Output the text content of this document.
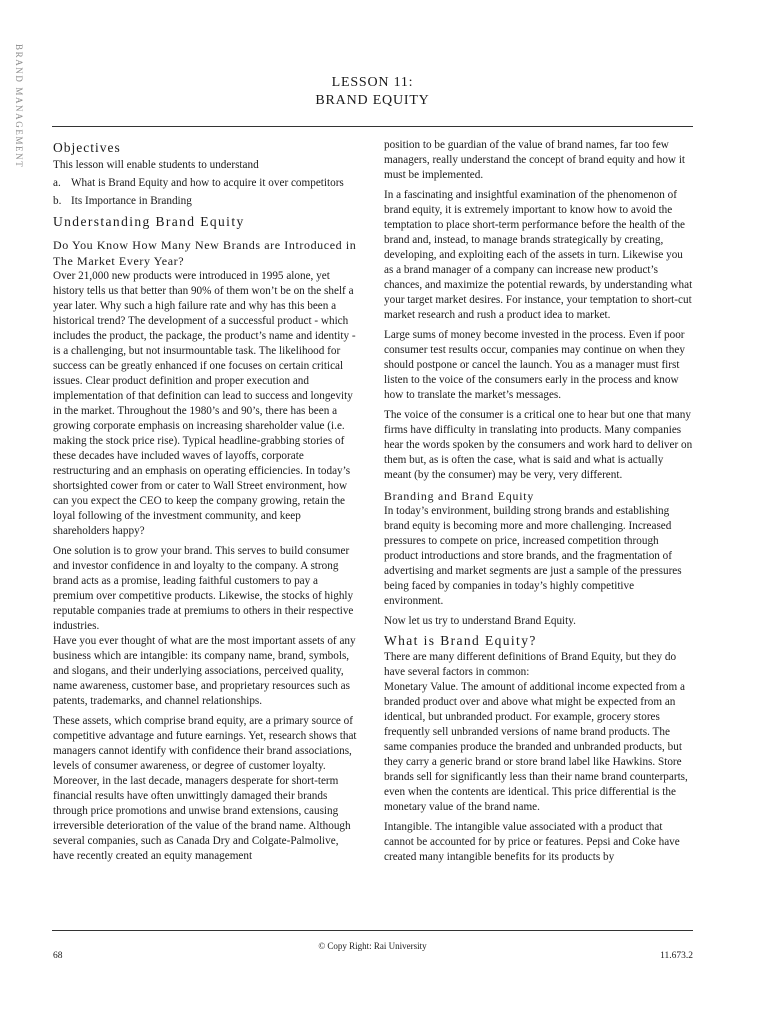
BRAND MANAGEMENT	LESSON 11:
BRAND EQUITY
Objectives

This lesson will enable students to understand

a. What is Brand Equity and how to acquire it over competitors
b. Its Importance in Branding
Understanding Brand Equity
Do You Know How Many New Brands are Introduced in The Market Every Year?

Over 21,000 new products were introduced in 1995 alone, yet history tells us that better than 90% of them won’t be on the shelf a year later. Why such a high failure rate and why has this been a historical trend? The development of a successful product - which includes the product, the package, the product’s name and identity - is a challenging, but not insurmountable task. The likelihood for success can be greatly enhanced if one focuses on certain critical issues. Clear product definition and proper execution and implementation of that definition can lead to success and longevity in the market. Throughout the 1980’s and 90’s, there has been a growing corporate emphasis on increasing shareholder value (i.e. making the stock price rise). Typical headline-grabbing stories of these decades have included waves of layoffs, corporate restructuring and an emphasis on operating efficiencies. In today’s shortsighted cower from or cater to Wall Street environment, how can you expect the CEO to keep the company growing, retain the loyal following of the investment community, and keep shareholders happy?

One solution is to grow your brand. This serves to build consumer and investor confidence in and loyalty to the company. A strong brand acts as a promise, leading faithful customers to pay a premium over competitive products. Likewise, the stocks of highly reputable companies trade at premiums to others in their respective industries.

Have you ever thought of what are the most important assets of any business which are intangible: its company name, brand, symbols, and slogans, and their underlying associations, perceived quality, name awareness, customer base, and proprietary resources such as patents, trademarks, and channel relationships.

These assets, which comprise brand equity, are a primary source of competitive advantage and future earnings. Yet, research shows that managers cannot identify with confidence their brand associations, levels of consumer awareness, or degree of customer loyalty. Moreover, in the last decade, managers desperate for short-term financial results have often unwittingly damaged their brands through price promotions and unwise brand extensions, causing irreversible deterioration of the value of the brand name. Although several companies, such as Canada Dry and Colgate-Palmolive, have recently created an equity management

position to be guardian of the value of brand names, far too few managers, really understand the concept of brand equity and how it must be implemented.

In a fascinating and insightful examination of the phenomenon of brand equity, it is extremely important to know how to avoid the temptation to place short-term performance before the health of the brand and, instead, to manage brands strategically by creating, developing, and exploiting each of the assets in turn. Likewise you as a brand manager of a company can increase new product’s chances, and maximize the potential rewards, by understanding what your target market desires. For instance, your temptation to short-cut market research and rush a product idea to market.

Large sums of money become invested in the process. Even if poor consumer test results occur, companies may continue on when they should postpone or cancel the launch. You as a manager must first listen to the voice of the consumers early in the process and know how to translate the market’s messages.

The voice of the consumer is a critical one to hear but one that many firms have difficulty in translating into products. Many companies hear the words spoken by the consumers and work hard to deliver on them but, as is often the case, what is said and what is actually meant (by the consumer) may be very, very different.

Branding and Brand Equity

In today’s environment, building strong brands and establishing brand equity is becoming more and more challenging. Increased pressures to compete on price, increased competition through product introductions and store brands, and the fragmentation of advertising and market segments are just a sample of the pressures being faced by companies in today’s highly competitive environment.

Now let us try to understand Brand Equity.

What is Brand Equity?

There are many different definitions of Brand Equity, but they do have several factors in common:

Monetary Value. The amount of additional income expected from a branded product over and above what might be expected from an identical, but unbranded product. For example, grocery stores frequently sell unbranded versions of name brand products. The same companies produce the branded and unbranded products, but they carry a generic brand or store brand label like Hawkins. Store brands sell for significantly less than their name brand counterparts, even when the contents are identical. This price differential is the monetary value of the brand name.

Intangible. The intangible value associated with a product that cannot be accounted for by price or features. Pepsi and Coke have created many intangible benefits for its products by

© Copy Right: Rai University
68	11.673.2
